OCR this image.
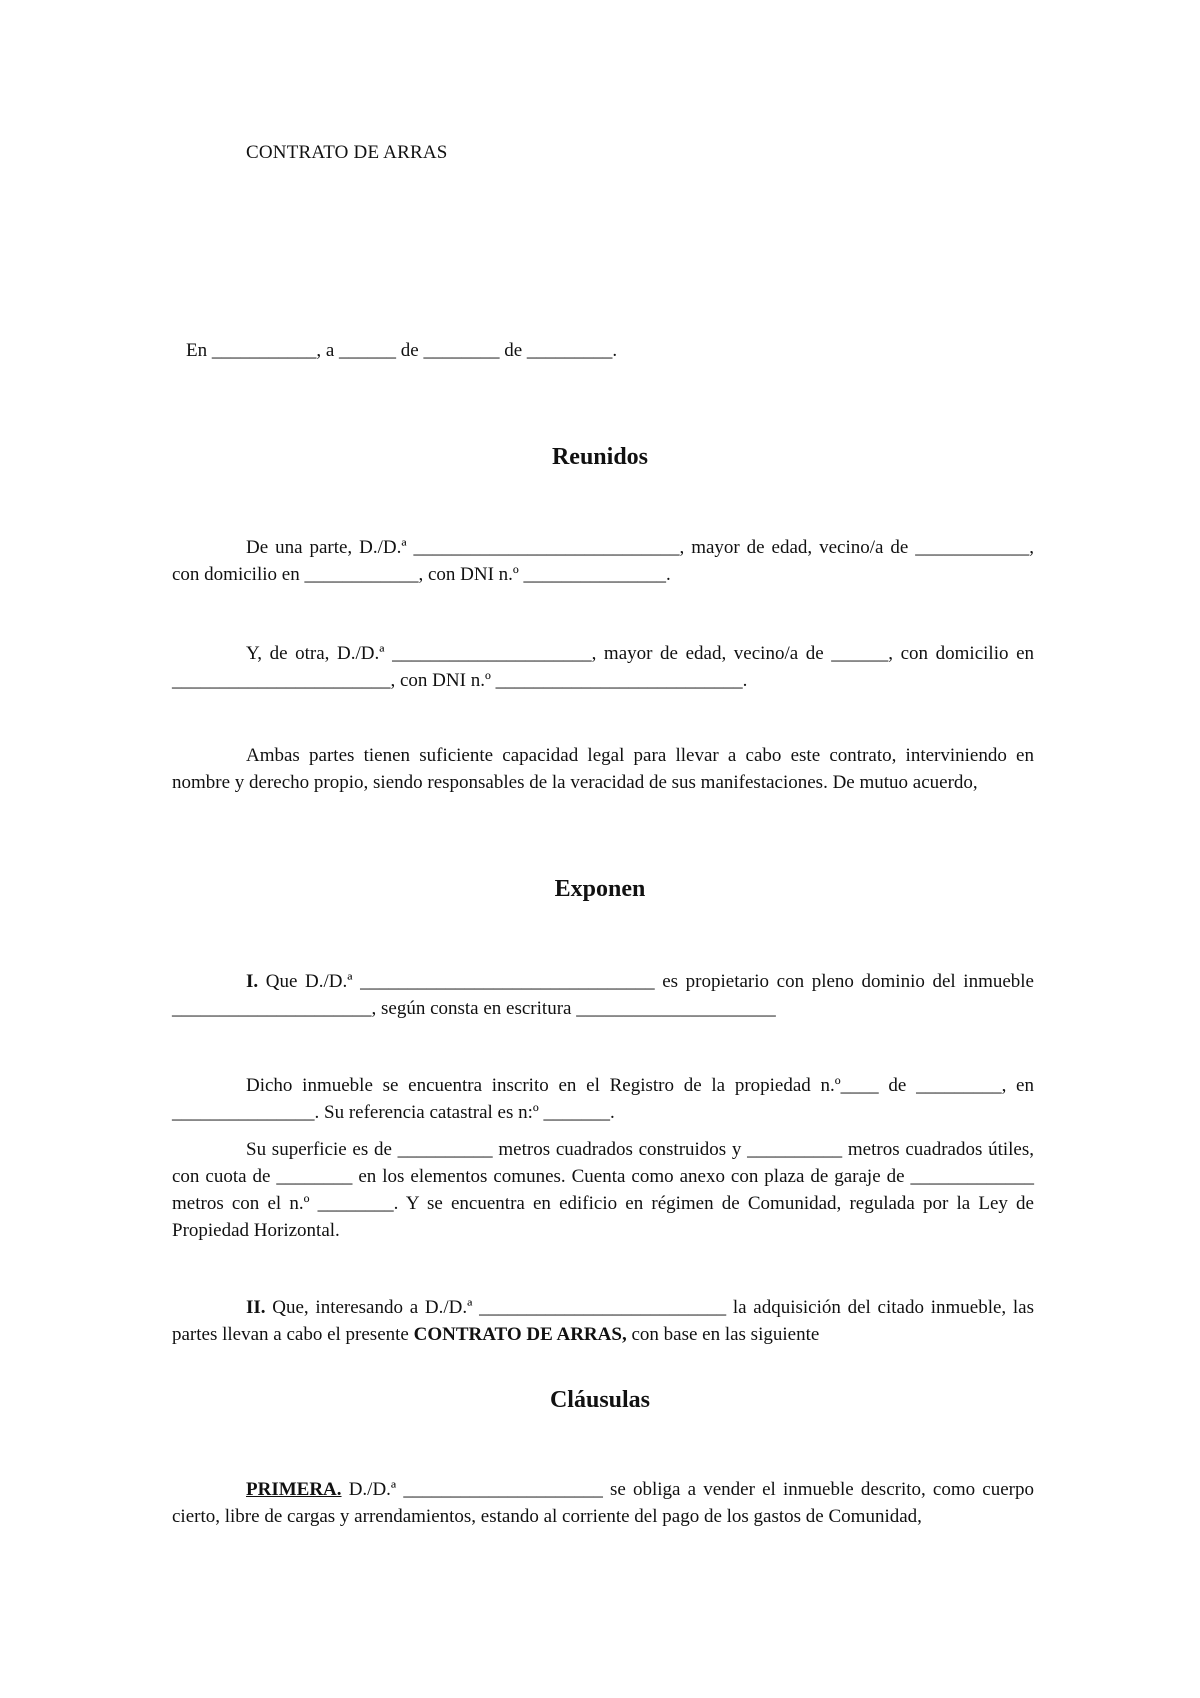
CONTRATO DE ARRAS
En ___________, a ______ de ________ de _________.
Reunidos
De una parte, D./D.ª ____________________________, mayor de edad, vecino/a de ____________, con domicilio en ____________, con DNI n.º _______________.
Y, de otra, D./D.ª _____________________, mayor de edad, vecino/a de ______, con domicilio en _______________________, con DNI n.º __________________________.
Ambas partes tienen suficiente capacidad legal para llevar a cabo este contrato, interviniendo en nombre y derecho propio, siendo responsables de la veracidad de sus manifestaciones. De mutuo acuerdo,
Exponen
I. Que D./D.ª _______________________________ es propietario con pleno dominio del inmueble _____________________, según consta en escritura _____________________
Dicho inmueble se encuentra inscrito en el Registro de la propiedad n.º____ de _________, en _______________. Su referencia catastral es n:º _______.
Su superficie es de __________ metros cuadrados construidos y __________ metros cuadrados útiles, con cuota de ________ en los elementos comunes. Cuenta como anexo con plaza de garaje de _____________ metros con el n.º ________. Y se encuentra en edificio en régimen de Comunidad, regulada por la Ley de Propiedad Horizontal.
II. Que, interesando a D./D.ª __________________________ la adquisición del citado inmueble, las partes llevan a cabo el presente CONTRATO DE ARRAS, con base en las siguiente
Cláusulas
PRIMERA. D./D.ª _____________________ se obliga a vender el inmueble descrito, como cuerpo cierto, libre de cargas y arrendamientos, estando al corriente del pago de los gastos de Comunidad,
